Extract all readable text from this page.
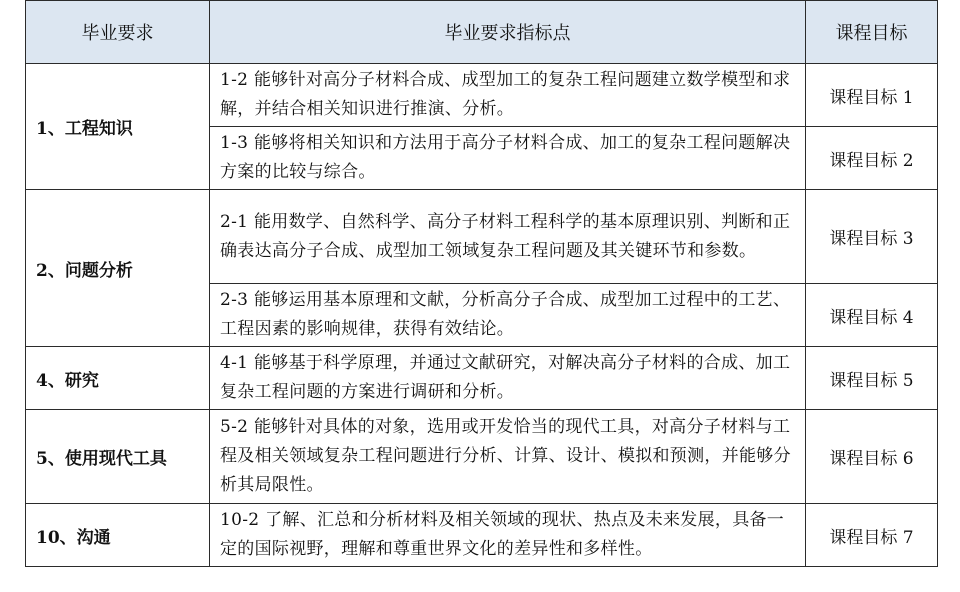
毕业要求	毕业要求指标点	课程目标
1、工程知识	1-2 能够针对高分子材料合成、成型加工的复杂工程问题建立数学模型和求解，并结合相关知识进行推演、分析。	课程目标 1
	1-3 能够将相关知识和方法用于高分子材料合成、加工的复杂工程问题解决方案的比较与综合。	课程目标 2
2、问题分析	2-1 能用数学、自然科学、高分子材料工程科学的基本原理识别、判断和正确表达高分子合成、成型加工领域复杂工程问题及其关键环节和参数。	课程目标 3
	2-3 能够运用基本原理和文献，分析高分子合成、成型加工过程中的工艺、工程因素的影响规律，获得有效结论。	课程目标 4
4、研究	4-1 能够基于科学原理，并通过文献研究，对解决高分子材料的合成、加工复杂工程问题的方案进行调研和分析。	课程目标 5
5、使用现代工具	5-2 能够针对具体的对象，选用或开发恰当的现代工具，对高分子材料与工程及相关领域复杂工程问题进行分析、计算、设计、模拟和预测，并能够分析其局限性。	课程目标 6
10、沟通	10-2 了解、汇总和分析材料及相关领域的现状、热点及未来发展，具备一定的国际视野，理解和尊重世界文化的差异性和多样性。	课程目标 7
